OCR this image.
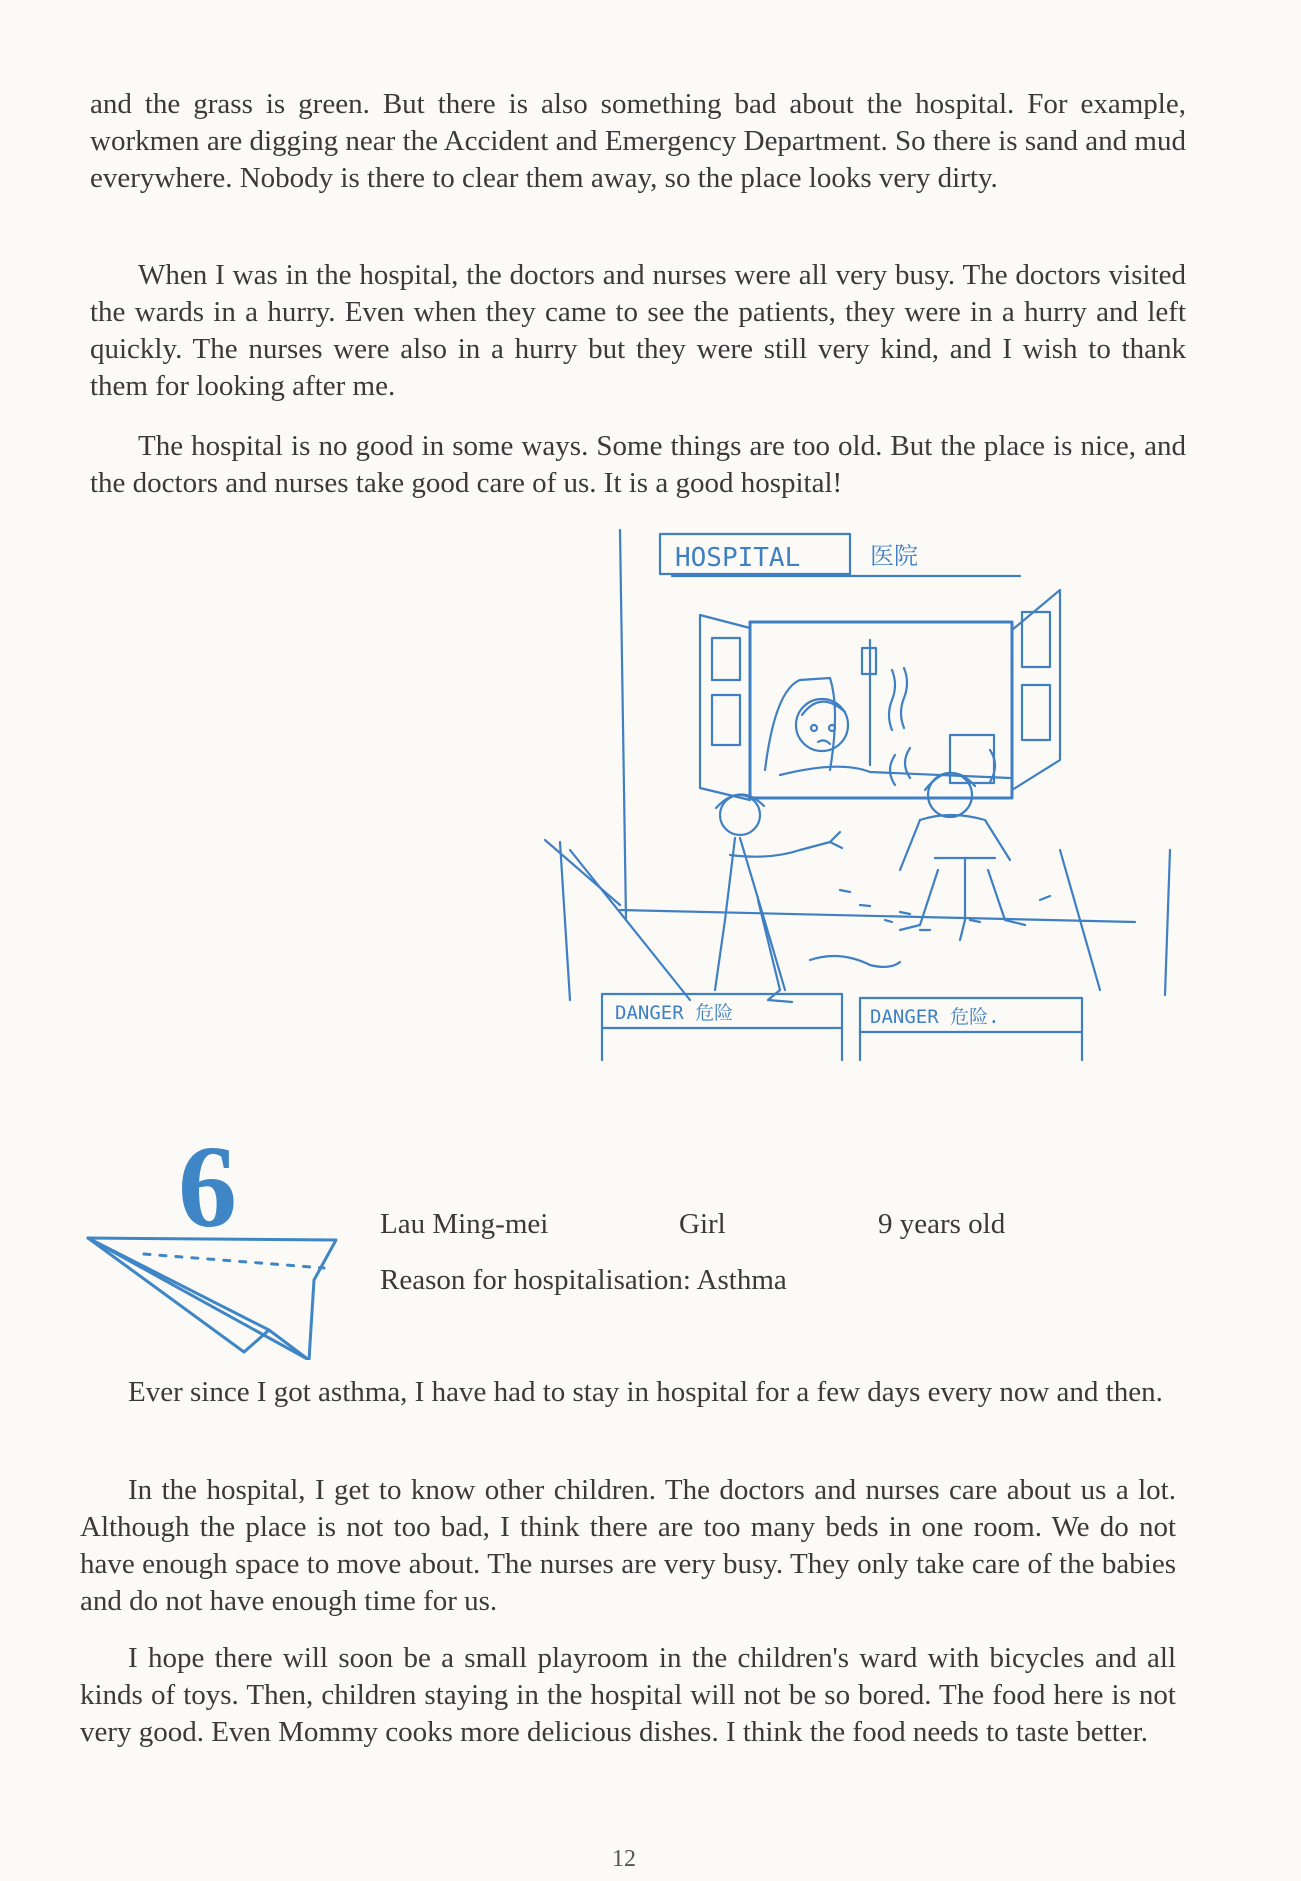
and the grass is green. But there is also something bad about the hospital. For example, workmen are digging near the Accident and Emergency Department. So there is sand and mud everywhere. Nobody is there to clear them away, so the place looks very dirty.

When I was in the hospital, the doctors and nurses were all very busy. The doctors visited the wards in a hurry. Even when they came to see the patients, they were in a hurry and left quickly. The nurses were also in a hurry but they were still very kind, and I wish to thank them for looking after me.

The hospital is no good in some ways. Some things are too old. But the place is nice, and the doctors and nurses take good care of us. It is a good hospital!

HOSPITAL	医院
DANGER 危险	DANGER 危险.
6	Lau Ming-mei	Girl	9 years old
Reason for hospitalisation: Asthma

Ever since I got asthma, I have had to stay in hospital for a few days every now and then.

In the hospital, I get to know other children. The doctors and nurses care about us a lot. Although the place is not too bad, I think there are too many beds in one room. We do not have enough space to move about. The nurses are very busy. They only take care of the babies and do not have enough time for us.

I hope there will soon be a small playroom in the children's ward with bicycles and all kinds of toys. Then, children staying in the hospital will not be so bored. The food here is not very good. Even Mommy cooks more delicious dishes. I think the food needs to taste better.

12
